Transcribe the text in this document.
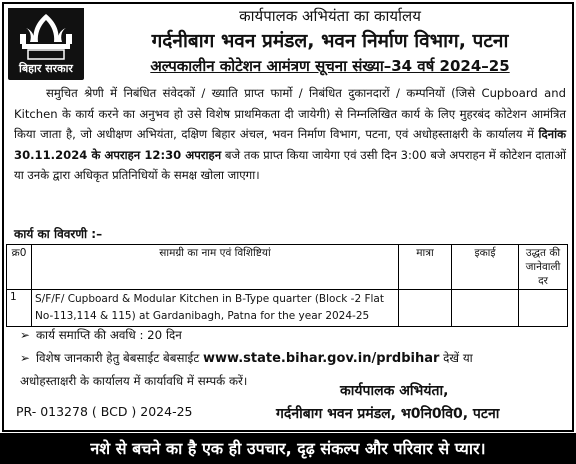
बिहार सरकार
कार्यपालक अभियंता का कार्यालय
गर्दनीबाग भवन प्रमंडल, भवन निर्माण विभाग, पटना
अल्पकालीन कोटेशन आमंत्रण सूचना संख्या–34 वर्ष 2024–25
समुचित श्रेणी में निबंधित संवेदकों / ख्याति प्राप्त फार्मो / निबंधित दुकानदारों / कम्पनियों (जिसे Cupboard and Kitchen के कार्य करने का अनुभव हो उसे विशेष प्राथमिकता दी जायेगी) से निम्नलिखित कार्य के लिए मुहरबंद कोटेशन आमंत्रित किया जाता है, जो अधीक्षण अभियंता, दक्षिण बिहार अंचल, भवन निर्माण विभाग, पटना, एवं अधोहस्ताक्षरी के कार्यालय में दिनांक 30.11.2024 के अपराहन 12:30 अपराहन बजे तक प्राप्त किया जायेगा एवं उसी दिन 3:00 बजे अपराहन में कोटेशन दाताओं या उनके द्वारा अधिकृत प्रतिनिधियों के समक्ष खोला जाएगा।
कार्य का विवरणी :–
क्र0	सामग्री का नाम एवं विशिष्टियां	मात्रा	इकाई	उद्धत की जानेवाली दर
1	S/F/F/ Cupboard & Modular Kitchen in B-Type quarter (Block -2 Flat No-113,114 & 115) at Gardanibagh, Patna for the year 2024-25			
➢ कार्य समाप्ति की अवधि : 20 दिन
➢ विशेष जानकारी हेतु बेबसाईट बेबसाईट www.state.bihar.gov.in/prdbihar देखें या
अधोहस्ताक्षरी के कार्यालय में कार्यावधि में सम्पर्क करें।
कार्यपालक अभियंता,
गर्दनीबाग भवन प्रमंडल, भ0नि0वि0, पटना
PR- 013278 ( BCD ) 2024-25
नशे से बचने का है एक ही उपचार, दृढ़ संकल्प और परिवार से प्यार।
